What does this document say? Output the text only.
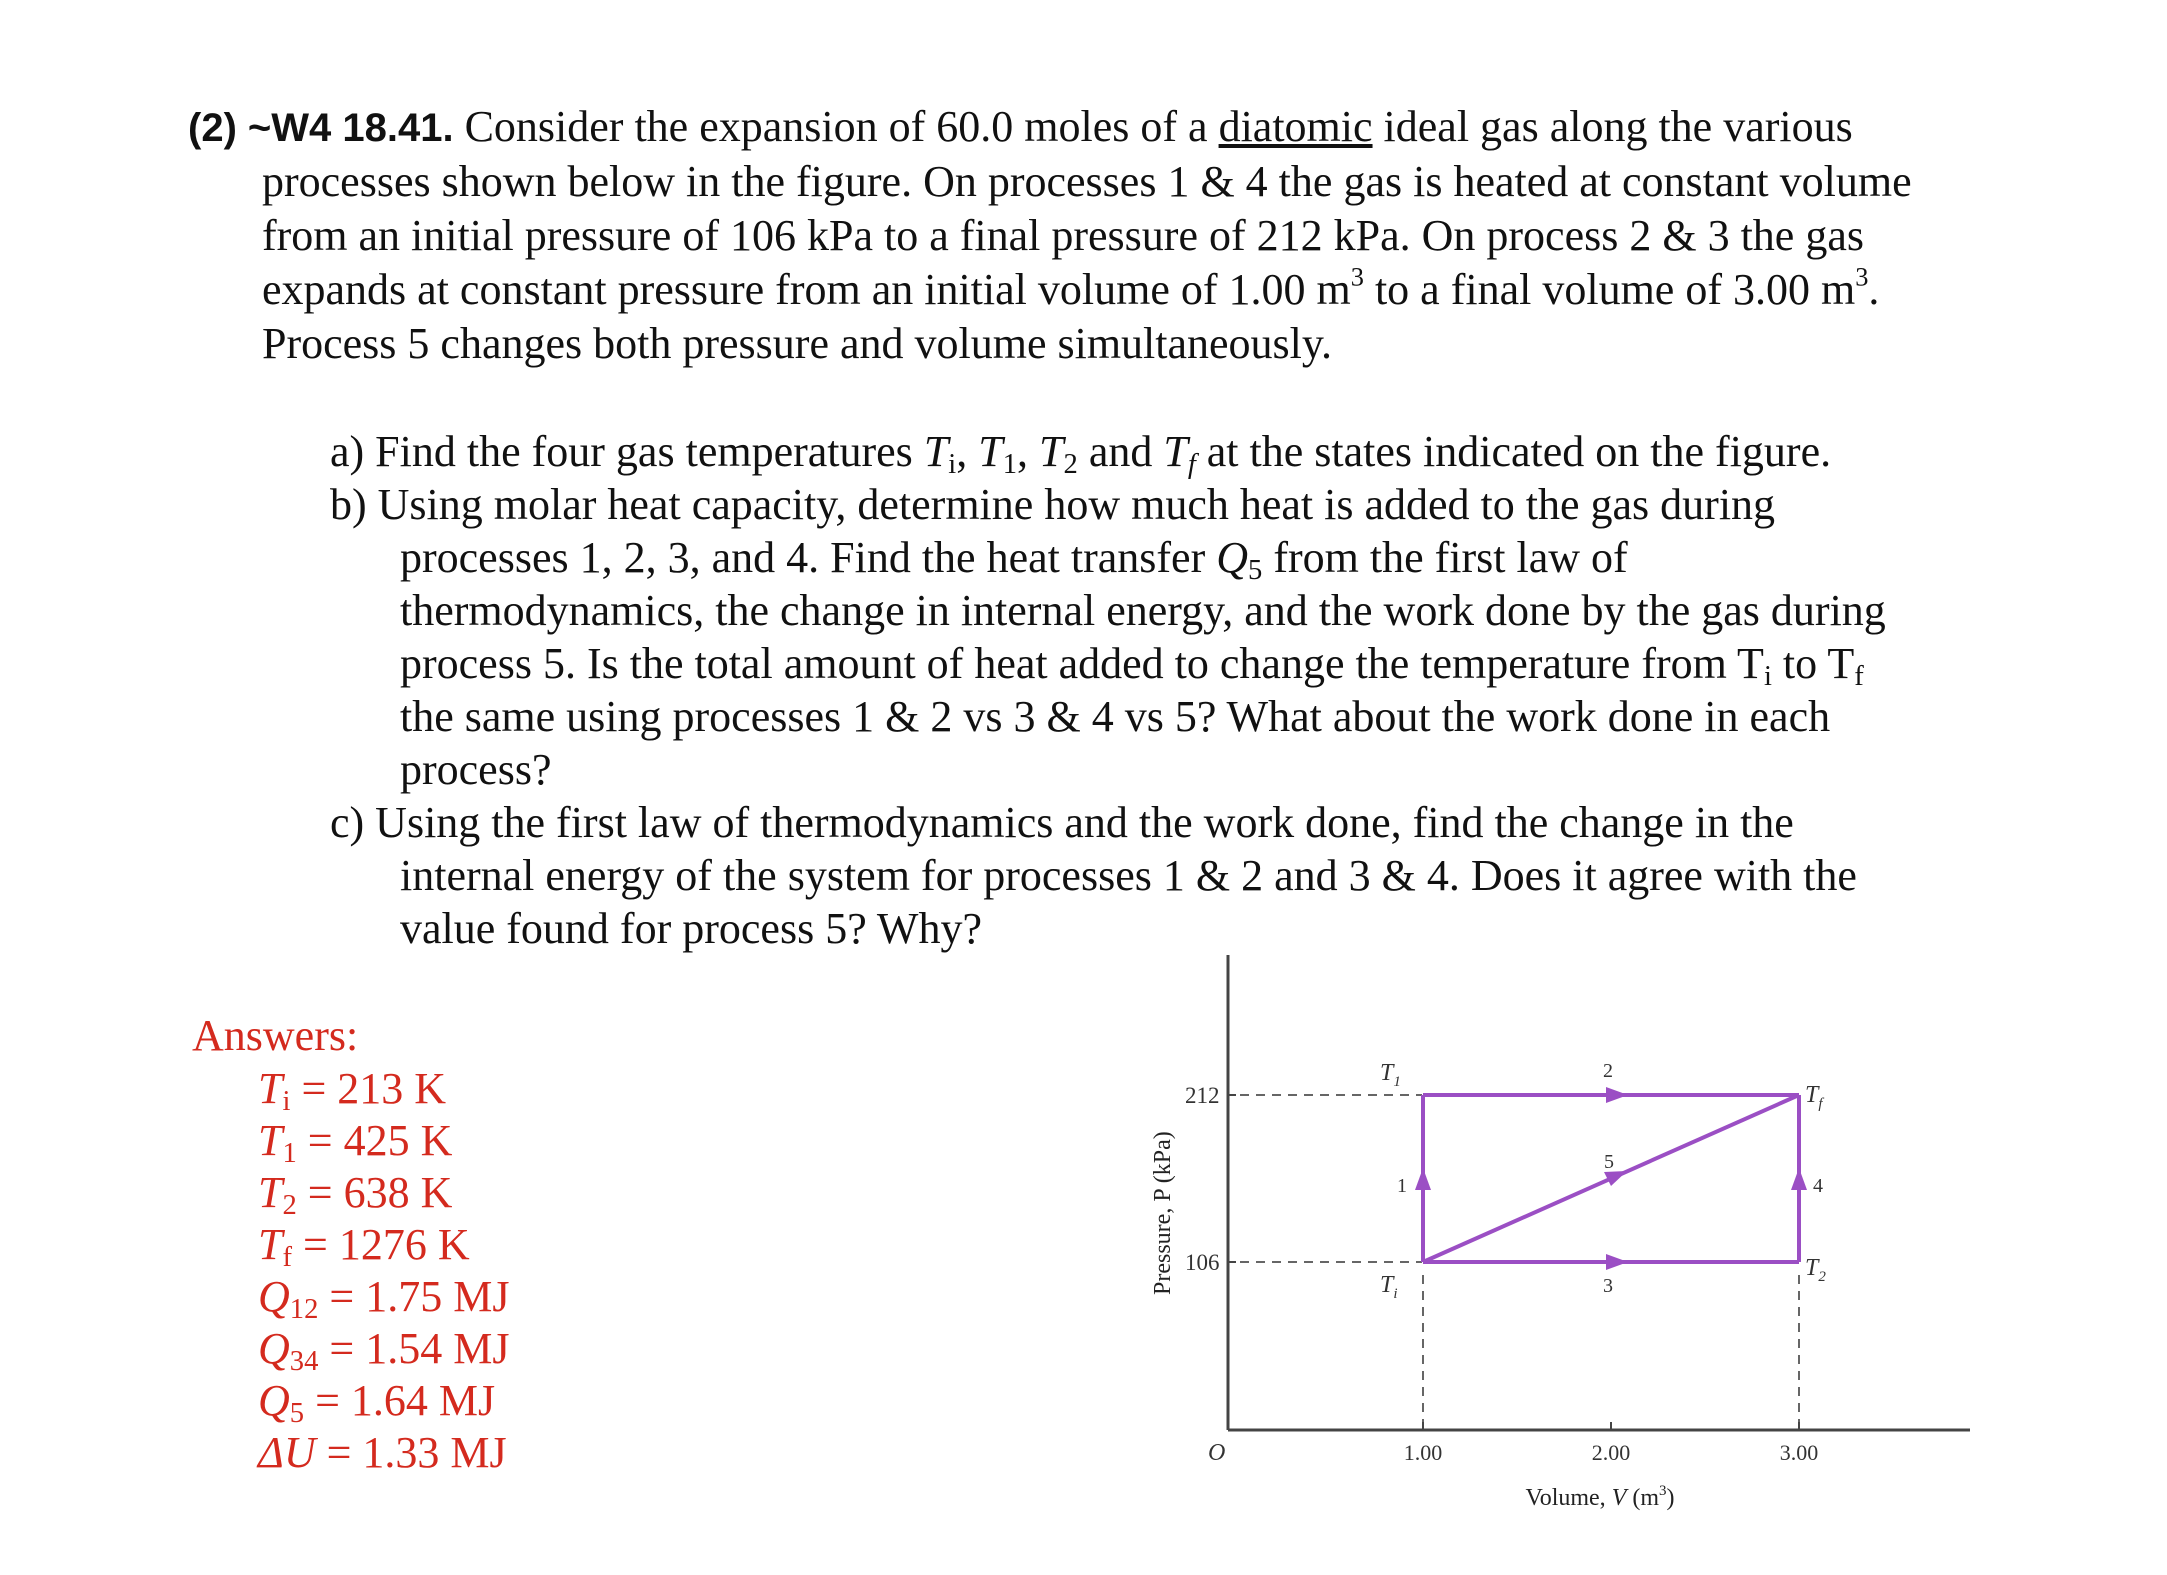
(2) ~W4 18.41. Consider the expansion of 60.0 moles of a diatomic ideal gas along the various
processes shown below in the figure. On processes 1 & 4 the gas is heated at constant volume
from an initial pressure of 106 kPa to a final pressure of 212 kPa. On process 2 & 3 the gas
expands at constant pressure from an initial volume of 1.00 $m^3$ to a final volume of 3.00 $m^3$.
Process 5 changes both pressure and volume simultaneously.
a) Find the four gas temperatures $T_i$, $T_1$, $T_2$ and $T_f$ at the states indicated on the figure.
b) Using molar heat capacity, determine how much heat is added to the gas during
processes 1, 2, 3, and 4. Find the heat transfer $Q_5$ from the first law of
thermodynamics, the change in internal energy, and the work done by the gas during
process 5. Is the total amount of heat added to change the temperature from $T_i$ to $T_f$
the same using processes 1 & 2 vs 3 & 4 vs 5? What about the work done in each
process?
c) Using the first law of thermodynamics and the work done, find the change in the
internal energy of the system for processes 1 & 2 and 3 & 4. Does it agree with the
value found for process 5? Why?
Answers:
$T_i = 213$ K
$T_1 = 425$ K
$T_2 = 638$ K
$T_f = 1276$ K
$Q_{12} = 1.75$ MJ
$Q_{34} = 1.54$ MJ
$Q_5 = 1.64$ MJ
ΔU = 1.33 MJ
Pressure, P (kPa)
212
106
O	1.00	2.00	3.00
Volume, V $(m^3)$
1
2
3
4
5
$T_1$
$T_i$
$T_f$
$T_2$
